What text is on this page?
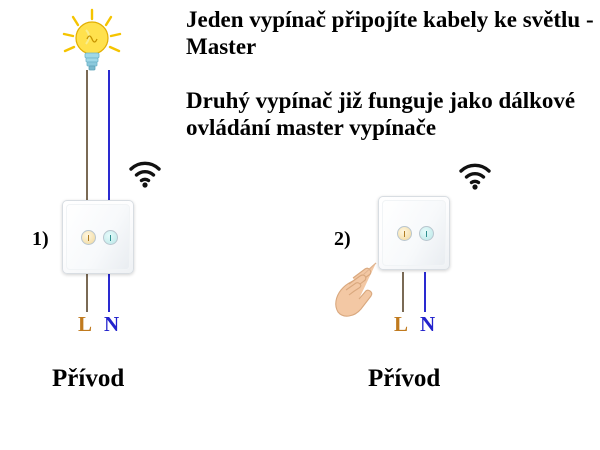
Jeden vypínač připojíte kabely ke světlu - Master
Druhý vypínač již funguje jako dálkové ovládání master vypínače
1)
L N
Přívod
2)
L N
Přívod
